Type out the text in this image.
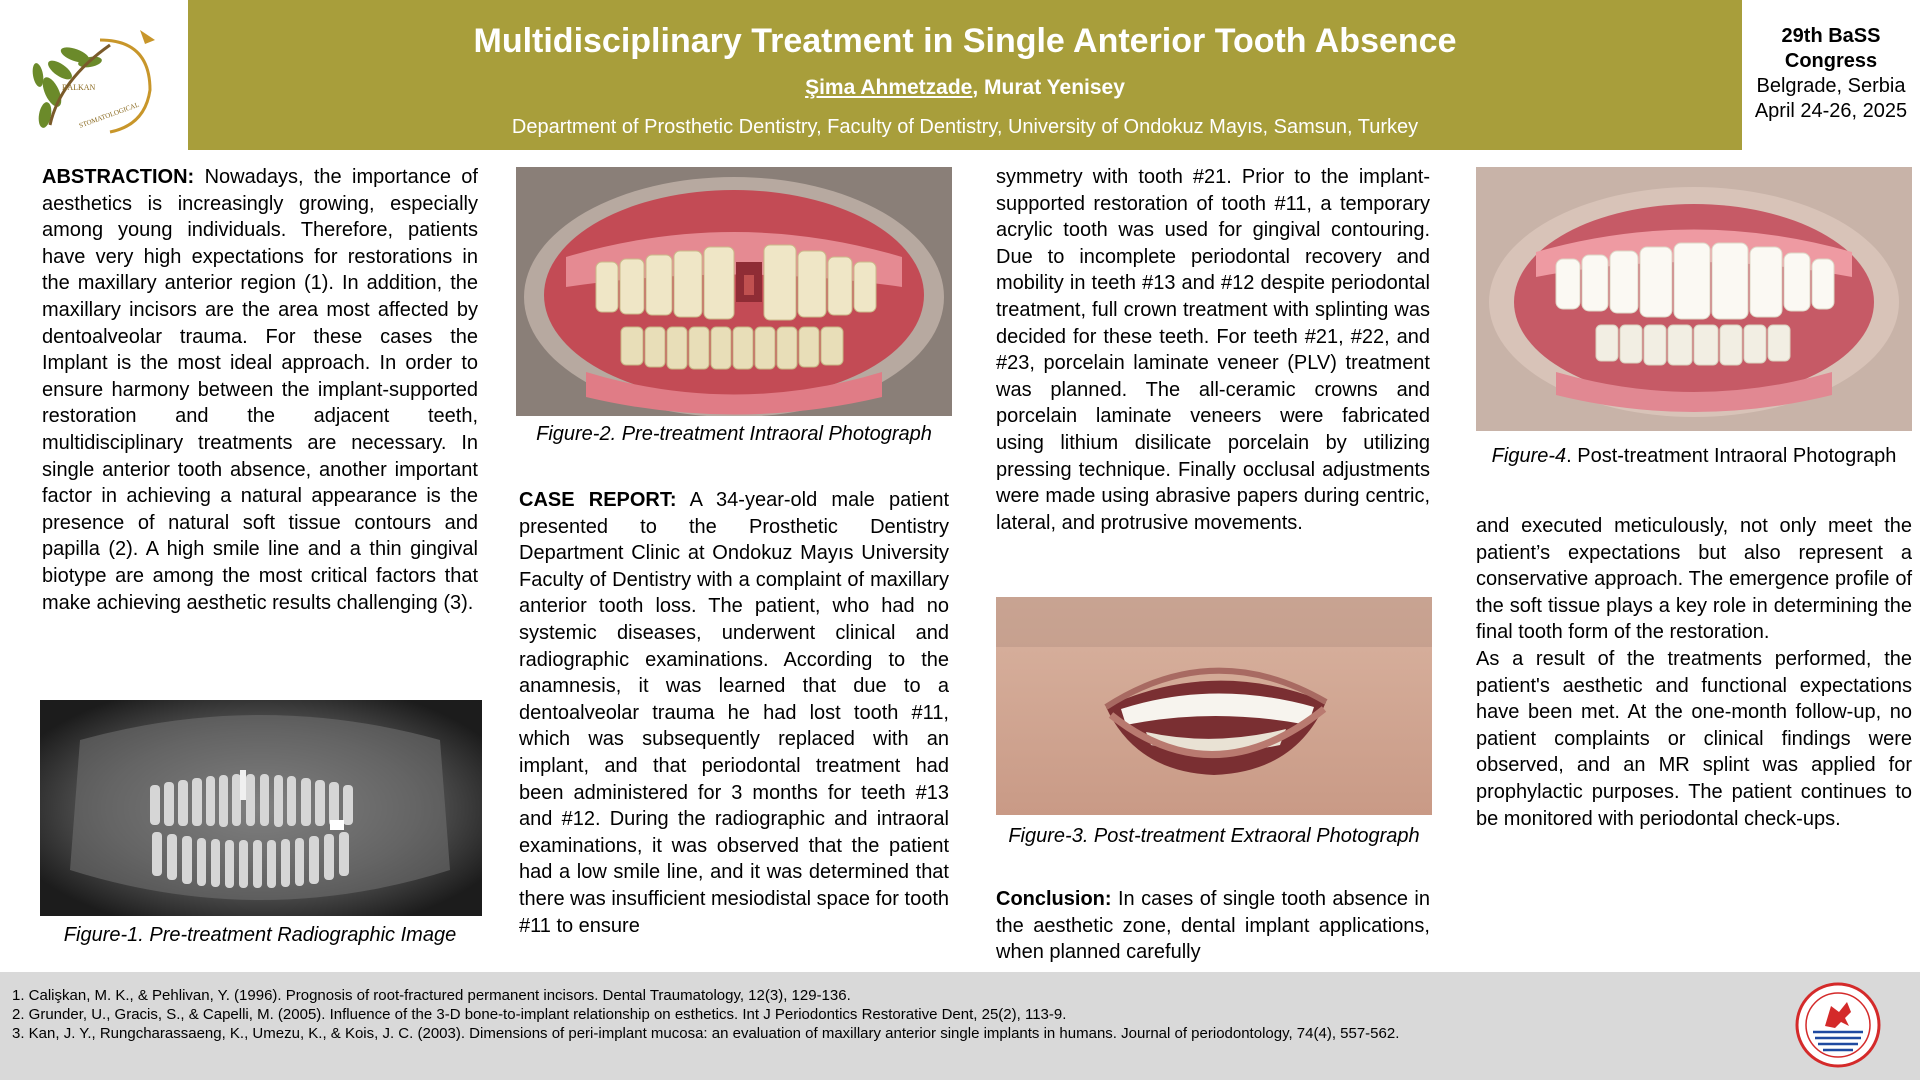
BALKAN
STOMATOLOGICAL
Multidisciplinary Treatment in Single Anterior Tooth Absence
Şima Ahmetzade, Murat Yenisey
Department of Prosthetic Dentistry, Faculty of Dentistry, University of Ondokuz Mayıs, Samsun, Turkey
29th BaSS
Congress
Belgrade, Serbia
April 24-26, 2025

ABSTRACTION: Nowadays, the importance of aesthetics is increasingly growing, especially among young individuals. Therefore, patients have very high expectations for restorations in the maxillary anterior region (1). In addition, the maxillary incisors are the area most affected by dentoalveolar trauma. For these cases the Implant is the most ideal approach. In order to ensure harmony between the implant-supported restoration and the adjacent teeth, multidisciplinary treatments are necessary. In single anterior tooth absence, another important factor in achieving a natural appearance is the presence of natural soft tissue contours and papilla (2). A high smile line and a thin gingival biotype are among the most critical factors that make achieving aesthetic results challenging (3).

Figure-1. Pre-treatment Radiographic Image
Figure-2. Pre-treatment Intraoral Photograph

CASE REPORT: A 34-year-old male patient presented to the Prosthetic Dentistry Department Clinic at Ondokuz Mayıs University Faculty of Dentistry with a complaint of maxillary anterior tooth loss. The patient, who had no systemic diseases, underwent clinical and radiographic examinations. According to the anamnesis, it was learned that due to a dentoalveolar trauma he had lost tooth #11, which was subsequently replaced with an implant, and that periodontal treatment had been administered for 3 months for teeth #13 and #12. During the radiographic and intraoral examinations, it was observed that the patient had a low smile line, and it was determined that there was insufficient mesiodistal space for tooth #11 to ensure

symmetry with tooth #21. Prior to the implant-supported restoration of tooth #11, a temporary acrylic tooth was used for gingival contouring. Due to incomplete periodontal recovery and mobility in teeth #13 and #12 despite periodontal treatment, full crown treatment with splinting was decided for these teeth. For teeth #21, #22, and #23, porcelain laminate veneer (PLV) treatment was planned. The all-ceramic crowns and porcelain laminate veneers were fabricated using lithium disilicate porcelain by utilizing pressing technique. Finally occlusal adjustments were made using abrasive papers during centric, lateral, and protrusive movements.

Figure-3. Post-treatment Extraoral Photograph

Conclusion: In cases of single tooth absence in the aesthetic zone, dental implant applications, when planned carefully

Figure-4. Post-treatment Intraoral Photograph

and executed meticulously, not only meet the patient’s expectations but also represent a conservative approach. The emergence profile of the soft tissue plays a key role in determining the final tooth form of the restoration.

As a result of the treatments performed, the patient's aesthetic and functional expectations have been met. At the one-month follow-up, no patient complaints or clinical findings were observed, and an MR splint was applied for prophylactic purposes. The patient continues to be monitored with periodontal check-ups.

1. Calişkan, M. K., & Pehlivan, Y. (1996). Prognosis of root-fractured permanent incisors. Dental Traumatology, 12(3), 129-136.
2. Grunder, U., Gracis, S., & Capelli, M. (2005). Influence of the 3-D bone-to-implant relationship on esthetics. Int J Periodontics Restorative Dent, 25(2), 113-9.
3. Kan, J. Y., Rungcharassaeng, K., Umezu, K., & Kois, J. C. (2003). Dimensions of peri-implant mucosa: an evaluation of maxillary anterior single implants in humans. Journal of periodontology, 74(4), 557-562.
